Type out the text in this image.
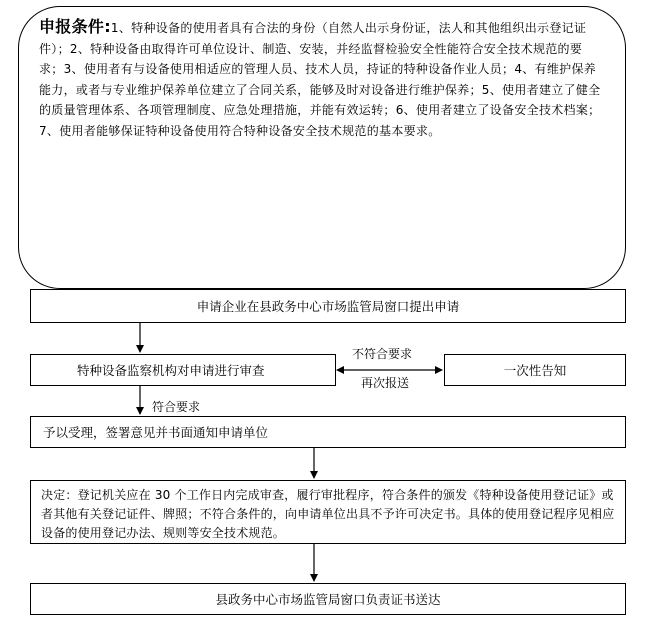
申报条件:1、特种设备的使用者具有合法的身份（自然人出示身份证，法人和其他组织出示登记证件）；2、特种设备由取得许可单位设计、制造、安装，并经监督检验安全性能符合安全技术规范的要求；3、使用者有与设备使用相适应的管理人员、技术人员，持证的特种设备作业人员；4、有维护保养能力，或者与专业维护保养单位建立了合同关系，能够及时对设备进行维护保养；5、使用者建立了健全的质量管理体系、各项管理制度、应急处理措施，并能有效运转；6、使用者建立了设备安全技术档案；7、使用者能够保证特种设备使用符合特种设备安全技术规范的基本要求。
申请企业在县政务中心市场监管局窗口提出申请
特种设备监察机构对申请进行审查	一次性告知
不符合要求
再次报送
符合要求
予以受理，签署意见并书面通知申请单位
决定：登记机关应在 30 个工作日内完成审查，履行审批程序，符合条件的颁发《特种设备使用登记证》或者其他有关登记证件、牌照；不符合条件的，向申请单位出具不予许可决定书。具体的使用登记程序见相应设备的使用登记办法、规则等安全技术规范。
县政务中心市场监管局窗口负责证书送达
